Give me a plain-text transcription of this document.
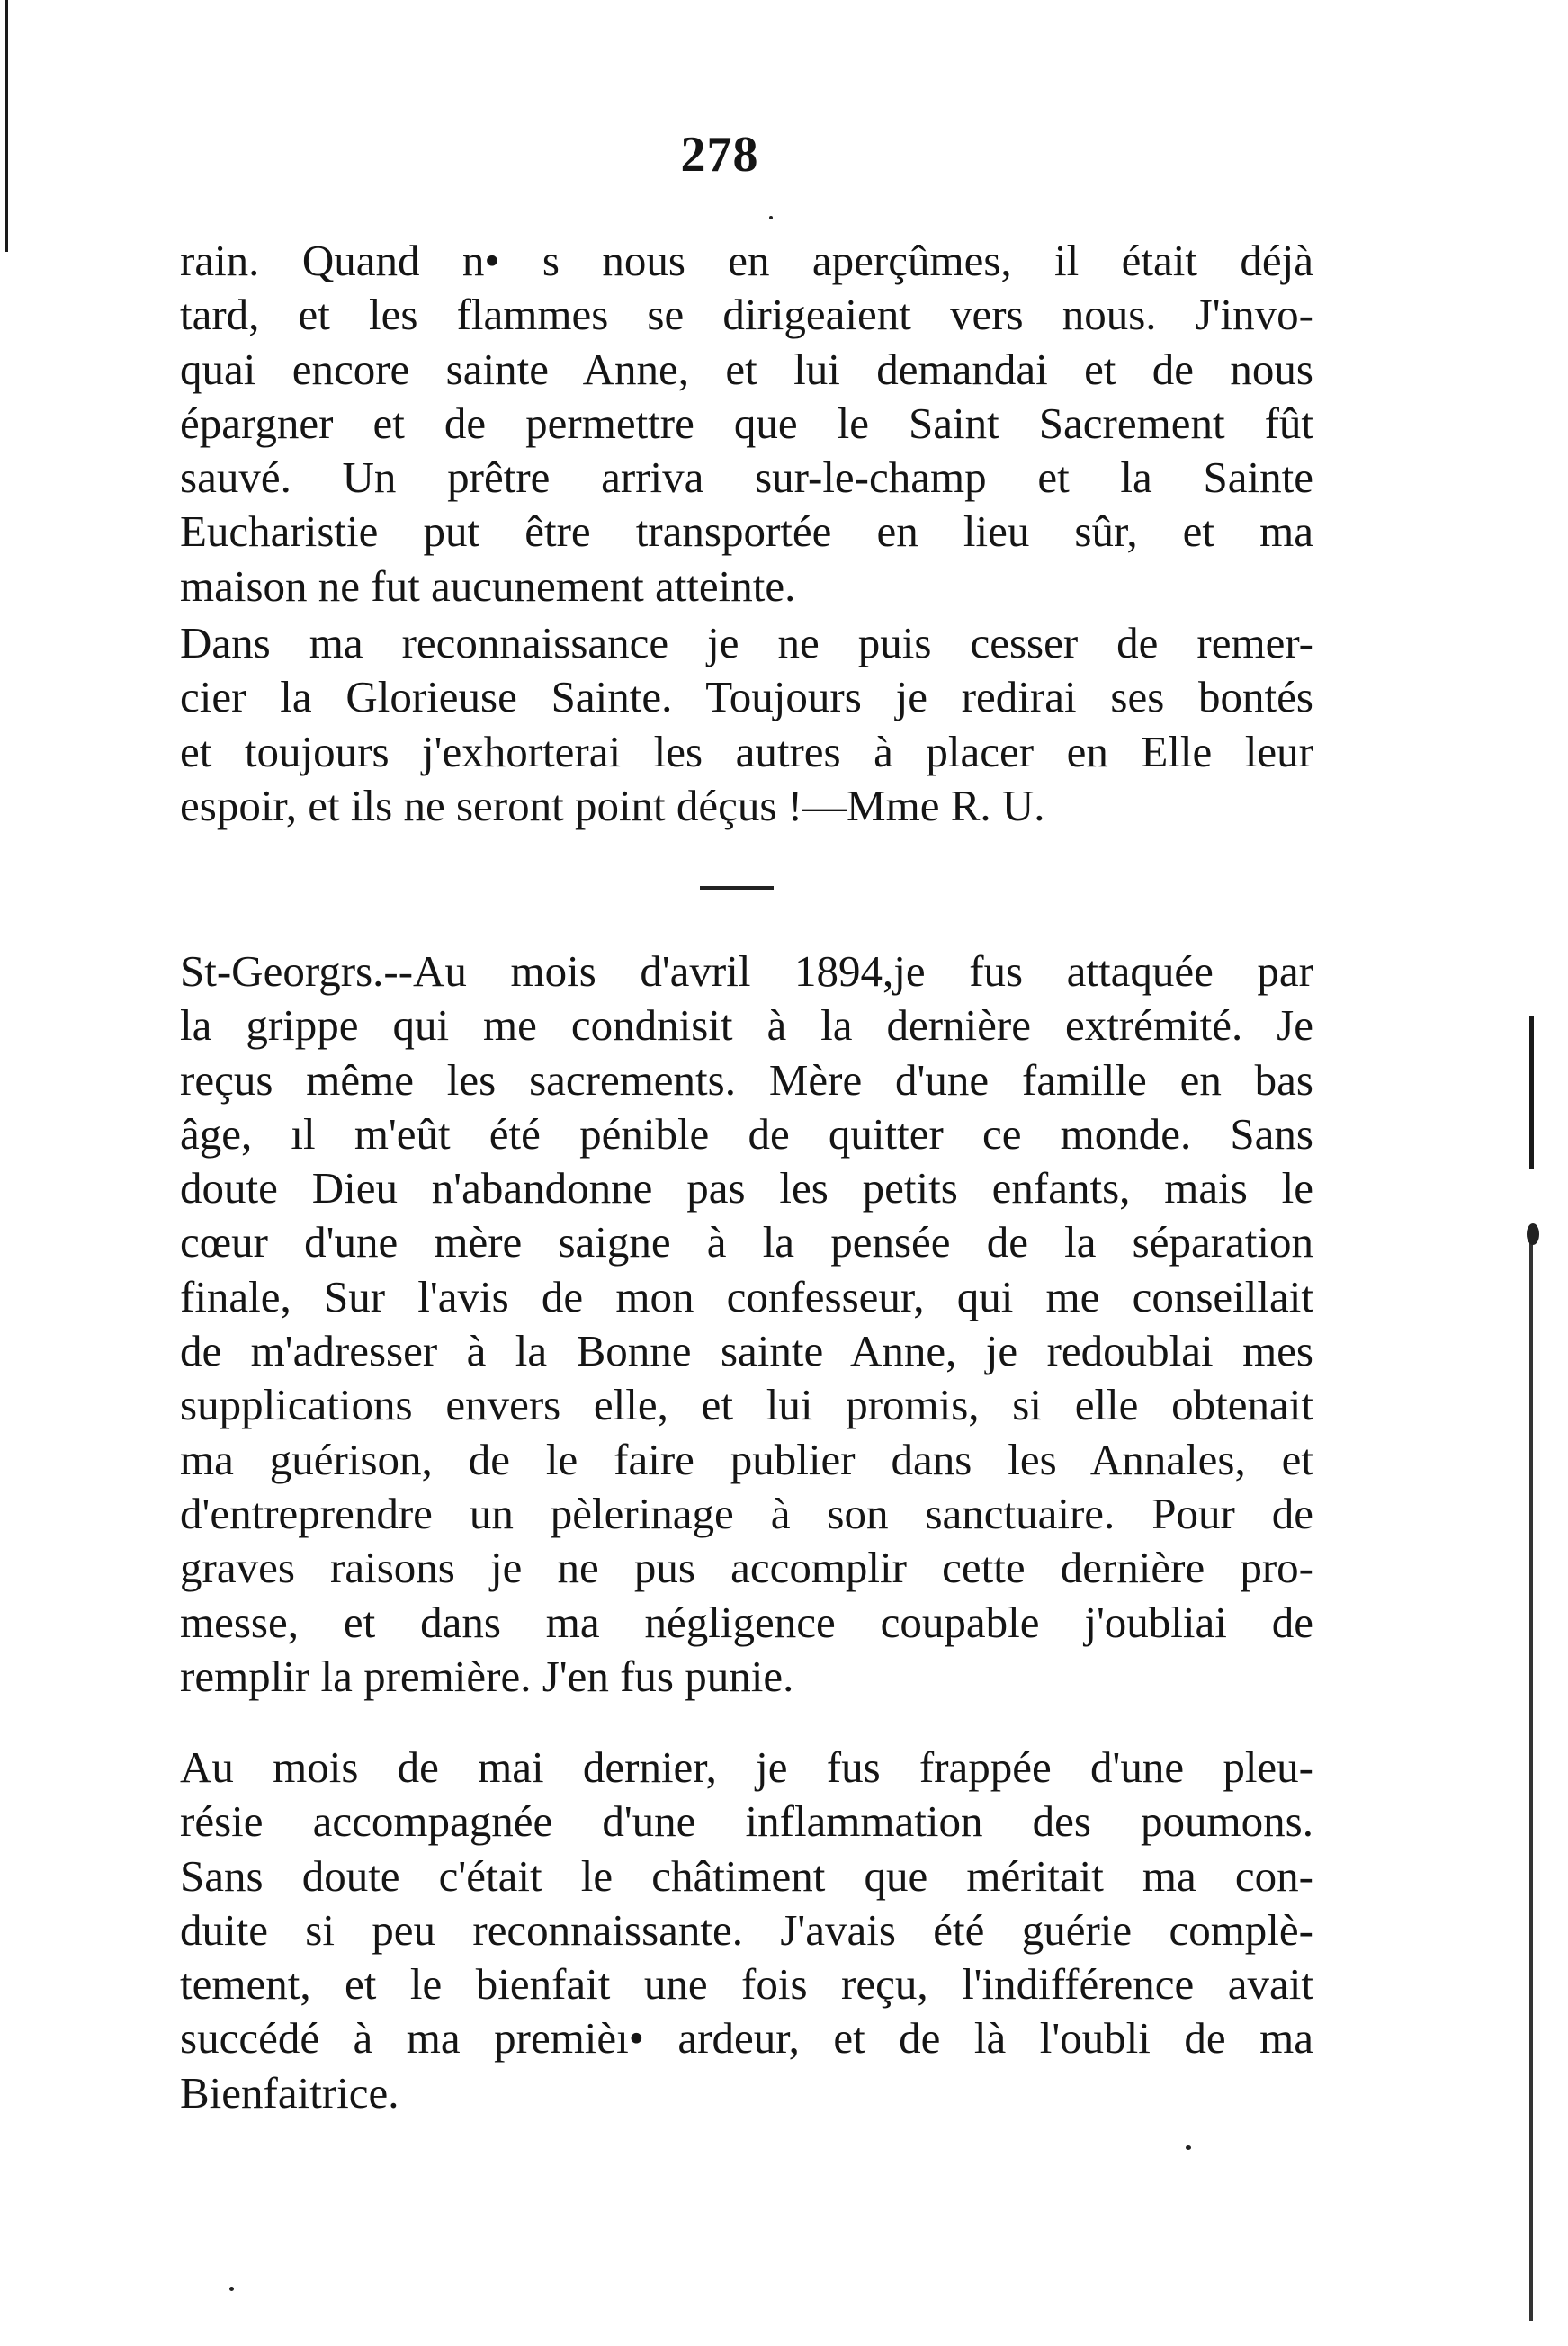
278
rain. Quand n• s nous en aperçûmes, il était déjà
tard, et les flammes se dirigeaient vers nous. J'invo-
quai encore sainte Anne, et lui demandai et de nous
épargner et de permettre que le Saint Sacrement fût
sauvé. Un prêtre arriva sur-le-champ et la Sainte
Eucharistie put être transportée en lieu sûr, et ma
maison ne fut aucunement atteinte.
Dans ma reconnaissance je ne puis cesser de remer-
cier la Glorieuse Sainte. Toujours je redirai ses bontés
et toujours j'exhorterai les autres à placer en Elle leur
espoir, et ils ne seront point déçus !—Mme R. U.
St-Georgrs.--Au mois d'avril 1894,je fus attaquée par
la grippe qui me condnisit à la dernière extrémité. Je
reçus même les sacrements. Mère d'une famille en bas
âge, ıl m'eût été pénible de quitter ce monde. Sans
doute Dieu n'abandonne pas les petits enfants, mais le
cœur d'une mère saigne à la pensée de la séparation
finale, Sur l'avis de mon confesseur, qui me conseillait
de m'adresser à la Bonne sainte Anne, je redoublai mes
supplications envers elle, et lui promis, si elle obtenait
ma guérison, de le faire publier dans les Annales, et
d'entreprendre un pèlerinage à son sanctuaire. Pour de
graves raisons je ne pus accomplir cette dernière pro-
messe, et dans ma négligence coupable j'oubliai de
remplir la première. J'en fus punie.
Au mois de mai dernier, je fus frappée d'une pleu-
résie accompagnée d'une inflammation des poumons.
Sans doute c'était le châtiment que méritait ma con-
duite si peu reconnaissante. J'avais été guérie complè-
tement, et le bienfait une fois reçu, l'indifférence avait
succédé à ma premièı• ardeur, et de là l'oubli de ma
Bienfaitrice.
